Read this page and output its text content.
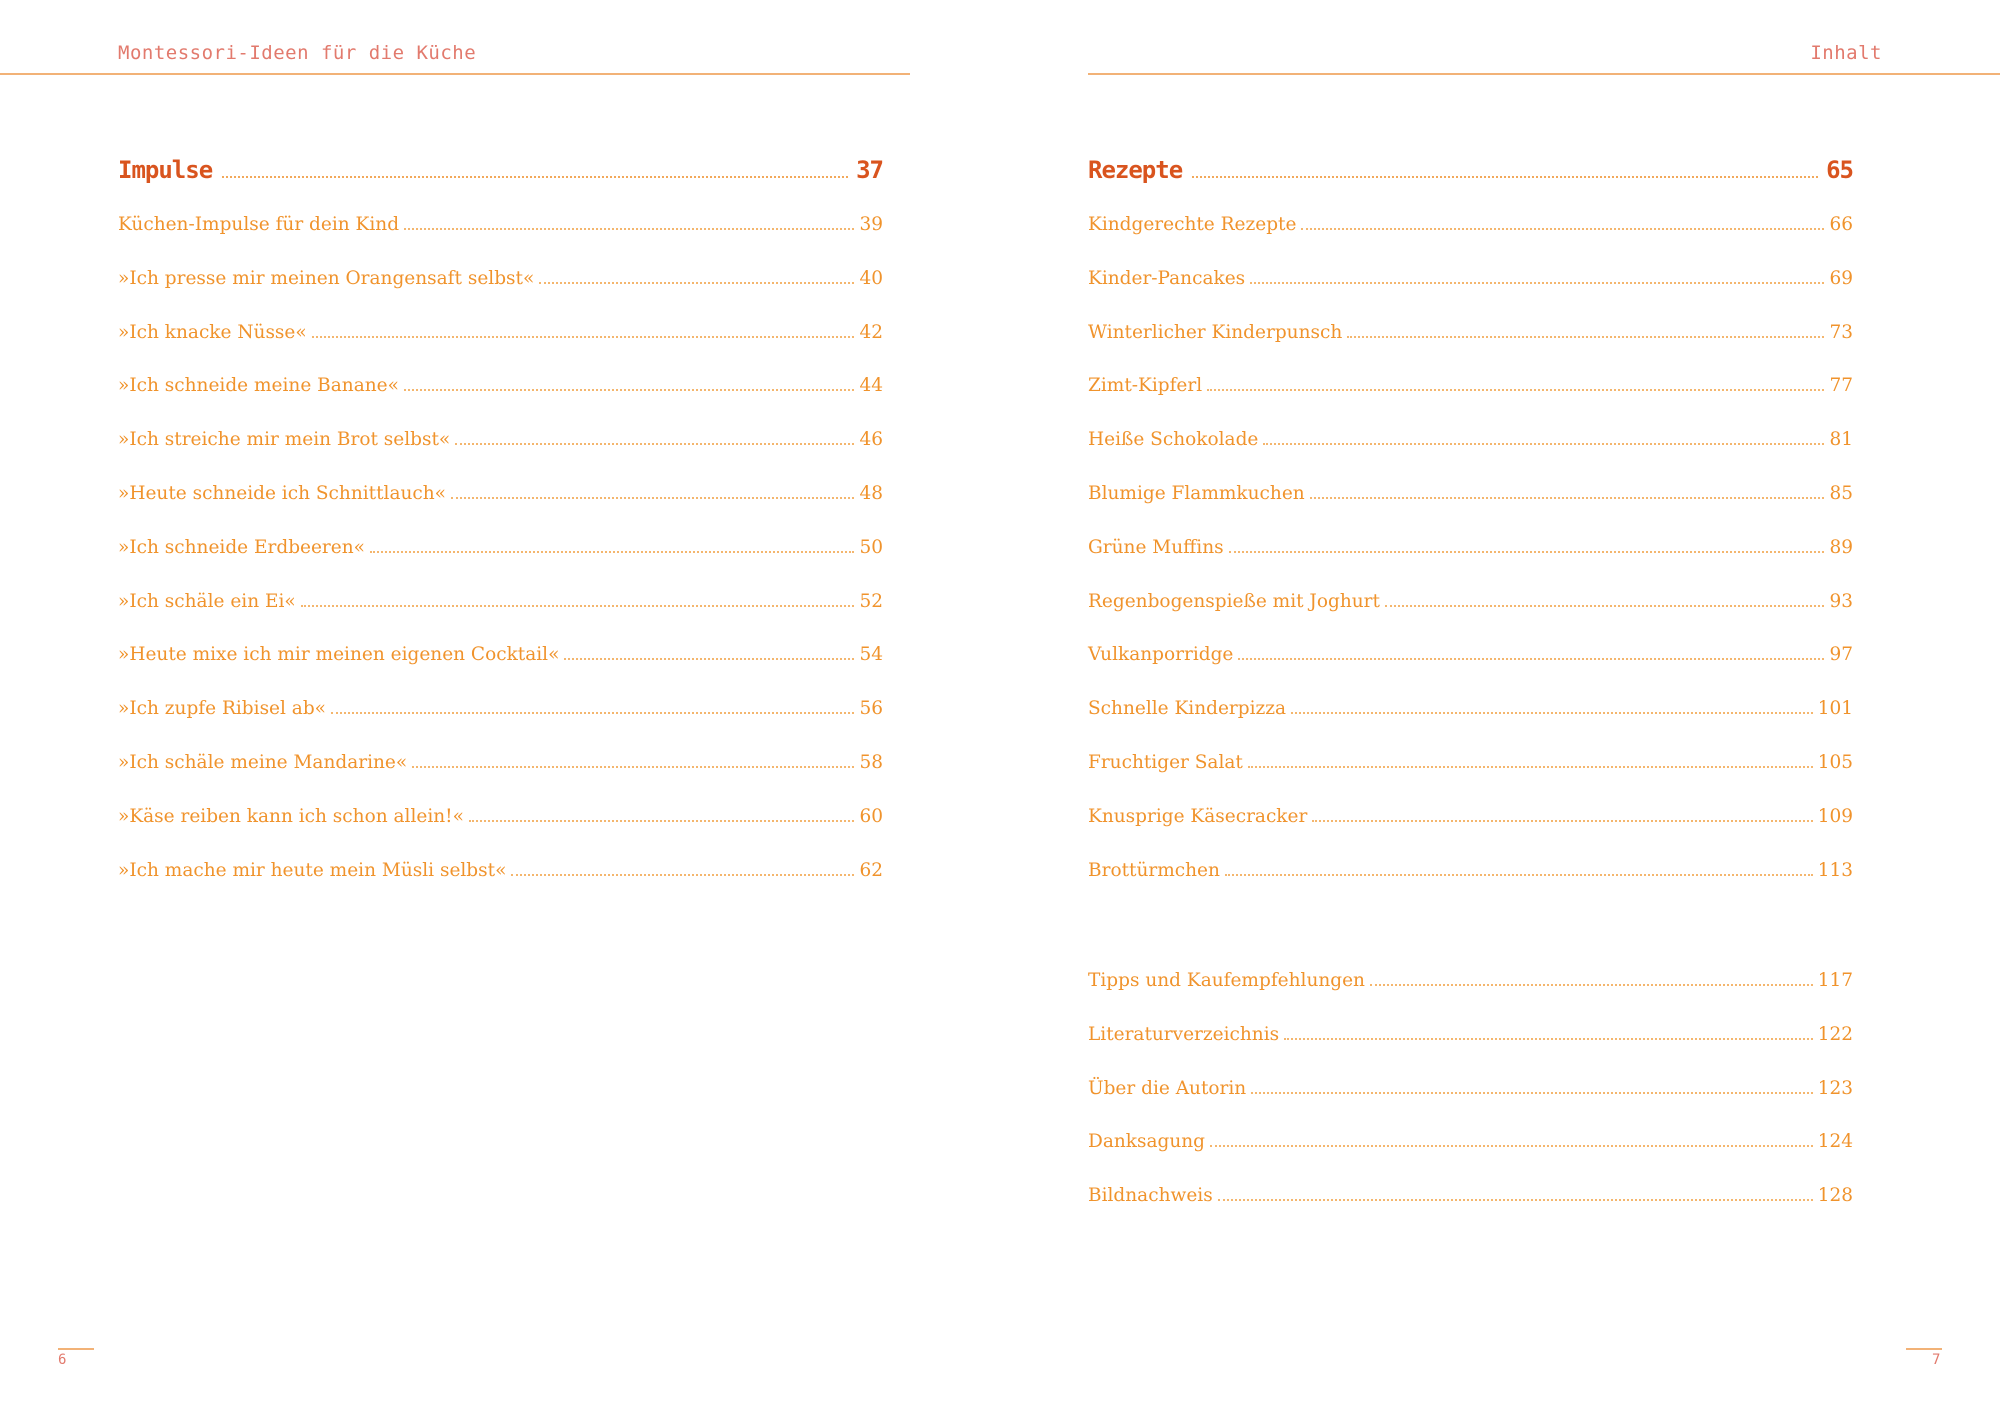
Montessori-Ideen für die Küche	Inhalt
Impulse	37
Küchen-Impulse für dein Kind	39
»Ich presse mir meinen Orangensaft selbst«	40
»Ich knacke Nüsse«	42
»Ich schneide meine Banane«	44
»Ich streiche mir mein Brot selbst«	46
»Heute schneide ich Schnittlauch«	48
»Ich schneide Erdbeeren«	50
»Ich schäle ein Ei«	52
»Heute mixe ich mir meinen eigenen Cocktail«	54
»Ich zupfe Ribisel ab«	56
»Ich schäle meine Mandarine«	58
»Käse reiben kann ich schon allein!«	60
»Ich mache mir heute mein Müsli selbst«	62
Rezepte	65
Kindgerechte Rezepte	66
Kinder-Pancakes	69
Winterlicher Kinderpunsch	73
Zimt-Kipferl	77
Heiße Schokolade	81
Blumige Flammkuchen	85
Grüne Muffins	89
Regenbogenspieße mit Joghurt	93
Vulkanporridge	97
Schnelle Kinderpizza	101
Fruchtiger Salat	105
Knusprige Käsecracker	109
Brottürmchen	113
Tipps und Kaufempfehlungen	117
Literaturverzeichnis	122
Über die Autorin	123
Danksagung	124
Bildnachweis	128
6	7
